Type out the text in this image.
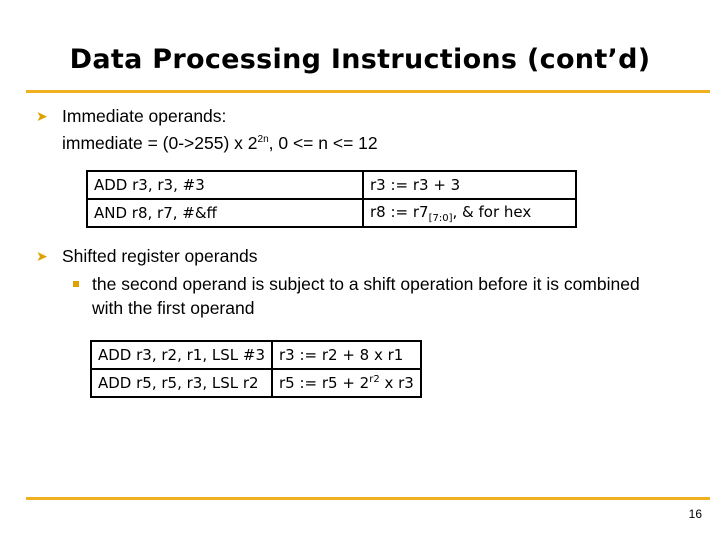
Data Processing Instructions (cont’d)
➤ Immediate operands:
immediate = (0->255) x $2^{2n}$, 0 <= n <= 12
ADD r3, r3, #3	r3 := r3 + 3
AND r8, r7, #&ff	r8 := $r7_{[7:0]}$, & for hex
➤ Shifted register operands
the second operand is subject to a shift operation before it is combined with the first operand
ADD r3, r2, r1, LSL #3	r3 := r2 + 8 x r1
ADD r5, r5, r3, LSL r2	r5 := $r5 + 2^{r2}$ x r3
16
